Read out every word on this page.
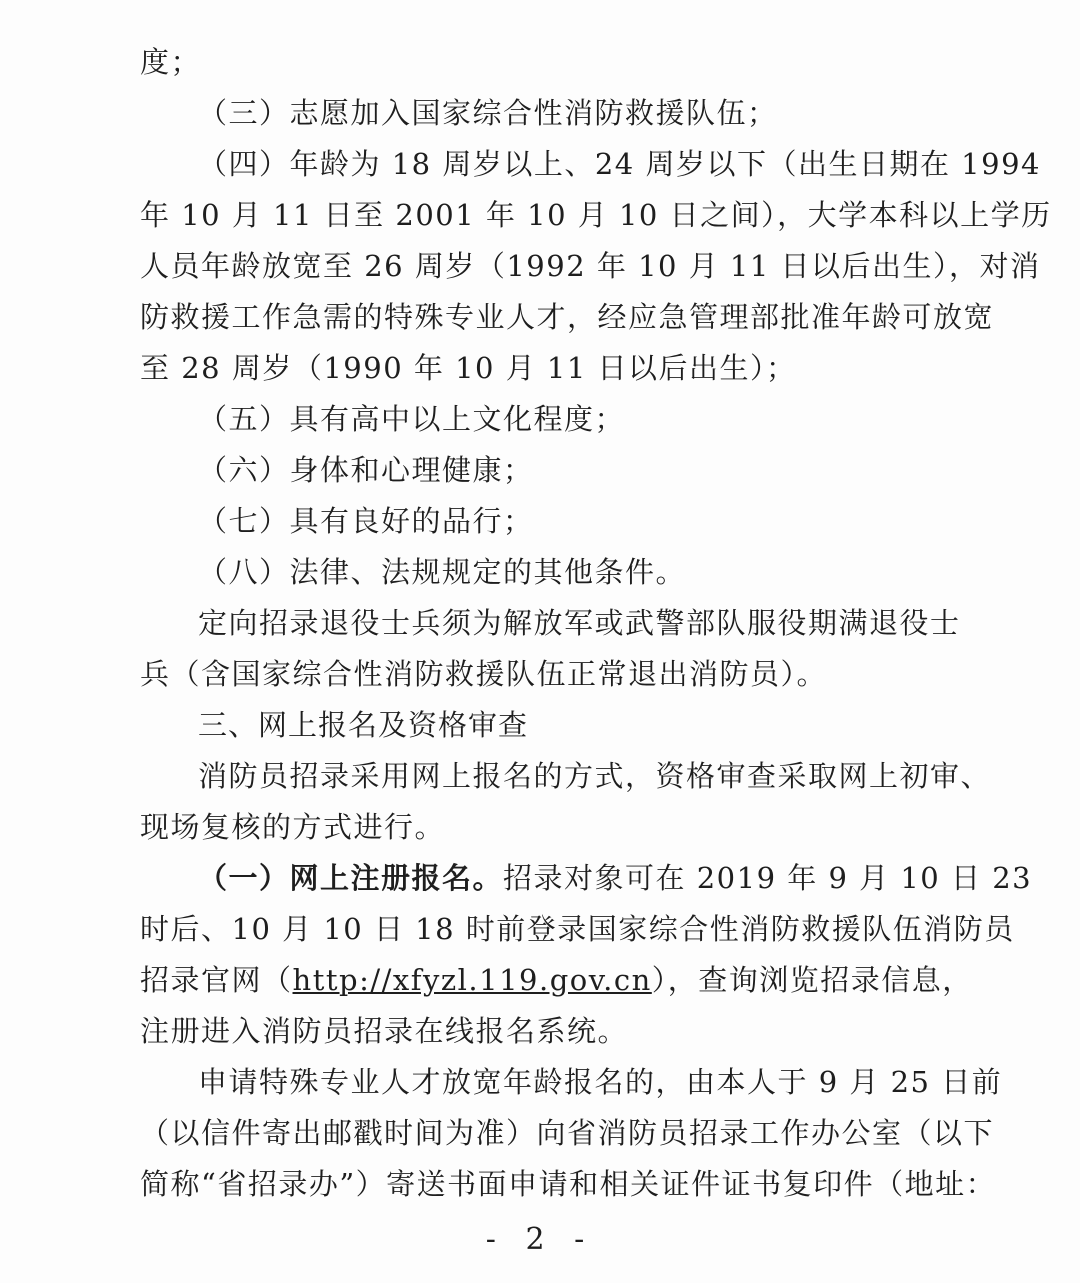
度；
（三）志愿加入国家综合性消防救援队伍；
（四）年龄为 18 周岁以上、24 周岁以下（出生日期在 1994
年 10 月 11 日至 2001 年 10 月 10 日之间），大学本科以上学历
人员年龄放宽至 26 周岁（1992 年 10 月 11 日以后出生），对消
防救援工作急需的特殊专业人才，经应急管理部批准年龄可放宽
至 28 周岁（1990 年 10 月 11 日以后出生）；
（五）具有高中以上文化程度；
（六）身体和心理健康；
（七）具有良好的品行；
（八）法律、法规规定的其他条件。
定向招录退役士兵须为解放军或武警部队服役期满退役士
兵（含国家综合性消防救援队伍正常退出消防员）。
三、网上报名及资格审查
消防员招录采用网上报名的方式，资格审查采取网上初审、
现场复核的方式进行。
（一）网上注册报名。 招录对象可在 2019 年 9 月 10 日 23
时后、10 月 10 日 18 时前登录国家综合性消防救援队伍消防员
招录官网（http://xfyzl.119.gov.cn ），查询浏览招录信息，
注册进入消防员招录在线报名系统。
申请特殊专业人才放宽年龄报名的，由本人于 9 月 25 日前
（以信件寄出邮戳时间为准）向省消防员招录工作办公室（以下
简称“省招录办”）寄送书面申请和相关证件证书复印件（地址：
- 2 -
